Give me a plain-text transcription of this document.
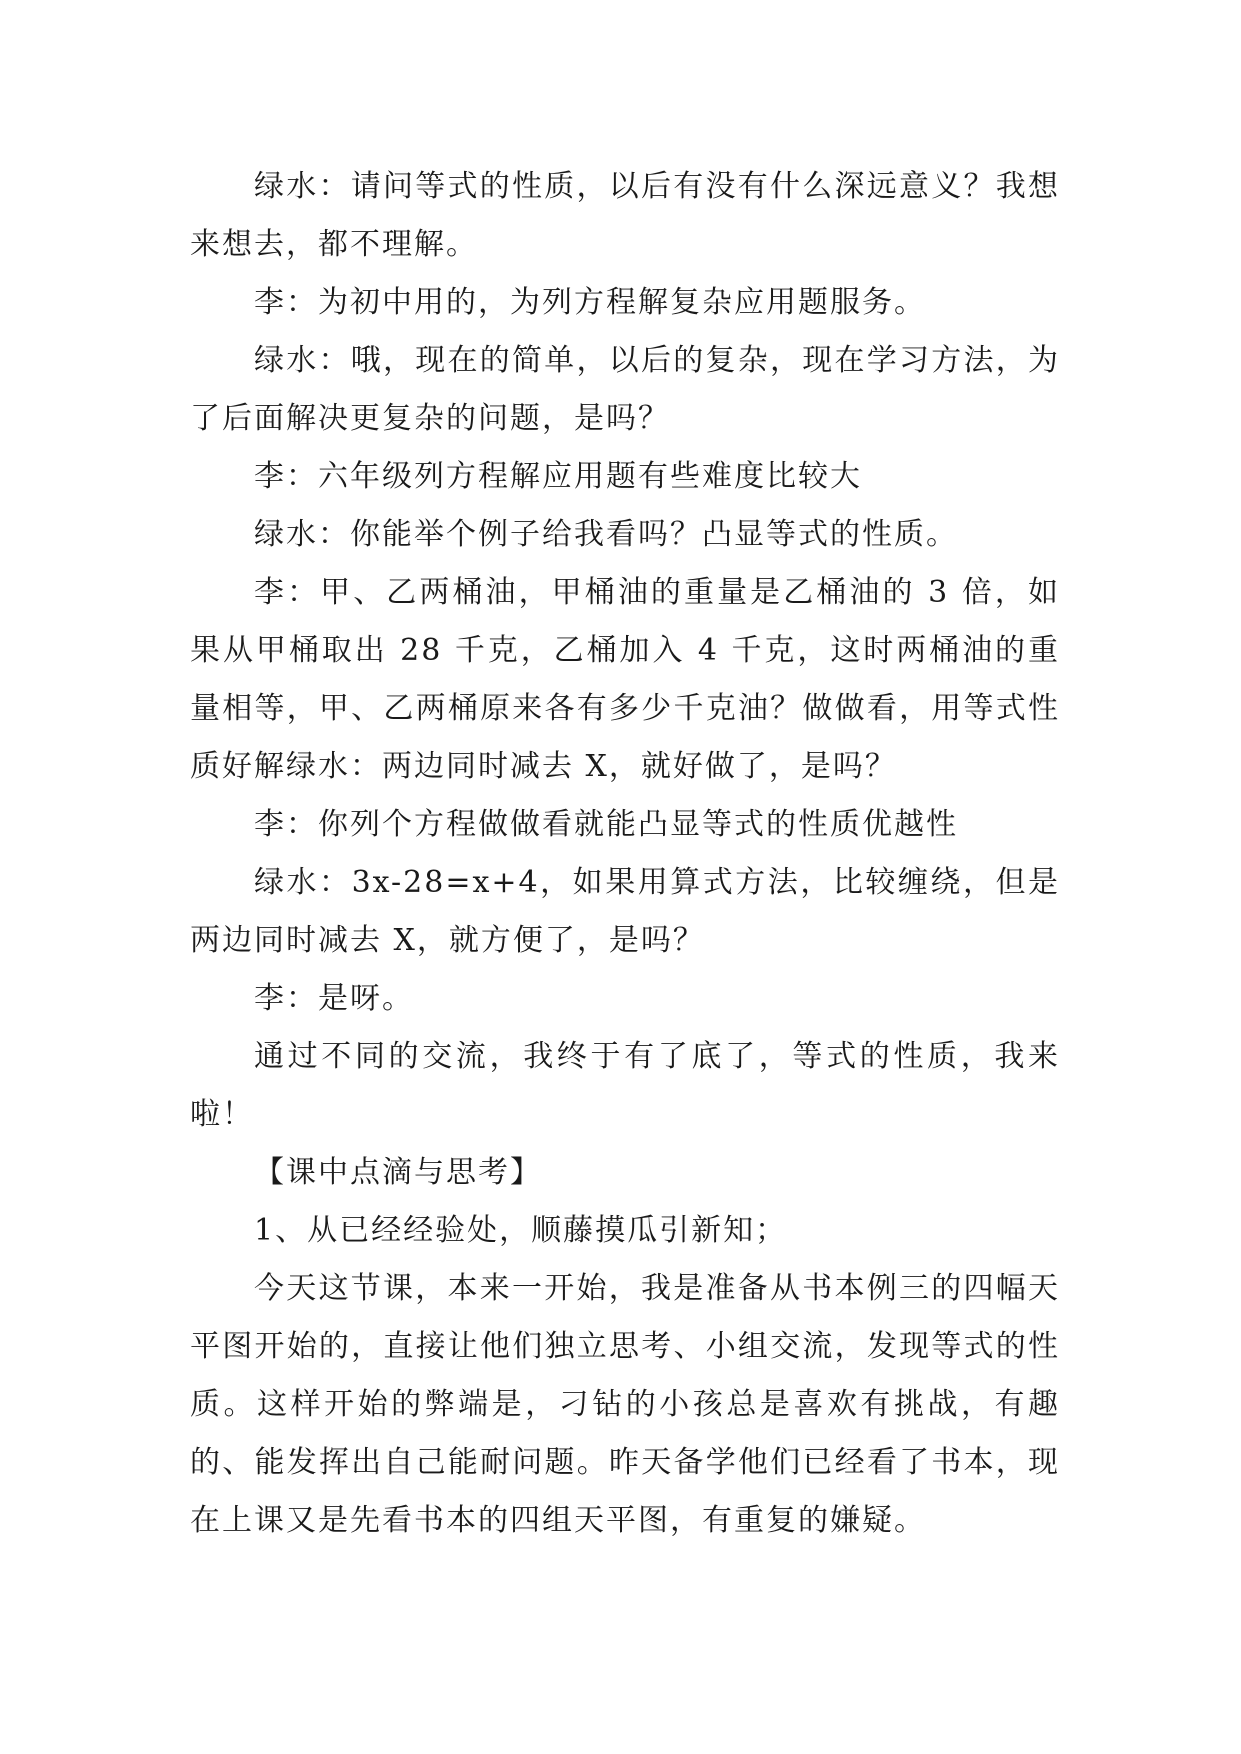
绿水：请问等式的性质，以后有没有什么深远意义？我想来想去，都不理解。

李：为初中用的，为列方程解复杂应用题服务。

绿水：哦，现在的简单，以后的复杂，现在学习方法，为了后面解决更复杂的问题，是吗？

李：六年级列方程解应用题有些难度比较大

绿水：你能举个例子给我看吗？凸显等式的性质。

李：甲、乙两桶油，甲桶油的重量是乙桶油的 3 倍，如果从甲桶取出 28 千克，乙桶加入 4 千克，这时两桶油的重量相等，甲、乙两桶原来各有多少千克油？做做看，用等式性质好解绿水：两边同时减去 X，就好做了，是吗？

李：你列个方程做做看就能凸显等式的性质优越性

绿水：3x-28=x+4，如果用算式方法，比较缠绕，但是两边同时减去 X，就方便了，是吗？

李：是呀。

通过不同的交流，我终于有了底了，等式的性质，我来啦！

【课中点滴与思考】

1、从已经经验处，顺藤摸瓜引新知；

今天这节课，本来一开始，我是准备从书本例三的四幅天平图开始的，直接让他们独立思考、小组交流，发现等式的性质。这样开始的弊端是，刁钻的小孩总是喜欢有挑战，有趣的、能发挥出自己能耐问题。昨天备学他们已经看了书本，现在上课又是先看书本的四组天平图，有重复的嫌疑。
